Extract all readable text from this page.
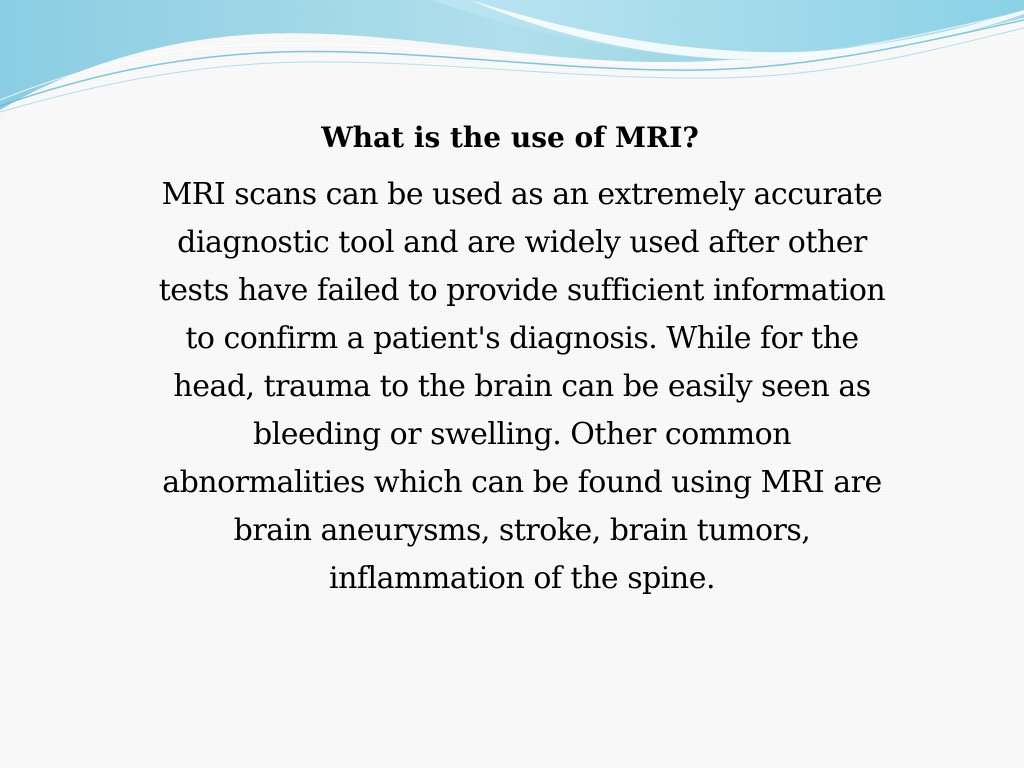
What is the use of MRI?
MRI scans can be used as an extremely accurate
diagnostic tool and are widely used after other
tests have failed to provide sufficient information
to confirm a patient's diagnosis. While for the
head, trauma to the brain can be easily seen as
bleeding or swelling. Other common
abnormalities which can be found using MRI are
brain aneurysms, stroke, brain tumors,
inflammation of the spine.
